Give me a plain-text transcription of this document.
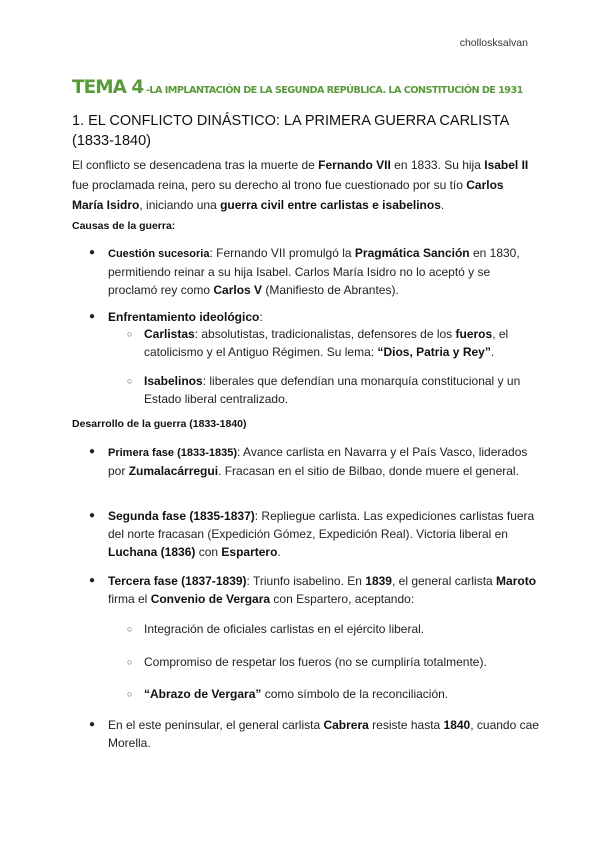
chollosksalvan
TEMA 4 -LA IMPLANTACIÓN DE LA SEGUNDA REPÚBLICA. LA CONSTITUCIÓN DE 1931
1. EL CONFLICTO DINÁSTICO: LA PRIMERA GUERRA CARLISTA (1833-1840)

El conflicto se desencadena tras la muerte de Fernando VII en 1833. Su hija Isabel II fue proclamada reina, pero su derecho al trono fue cuestionado por su tío Carlos María Isidro, iniciando una guerra civil entre carlistas e isabelinos.

Causas de la guerra:

● Cuestión sucesoria: Fernando VII promulgó la Pragmática Sanción en 1830, permitiendo reinar a su hija Isabel. Carlos María Isidro no lo aceptó y se proclamó rey como Carlos V (Manifiesto de Abrantes).
● Enfrentamiento ideológico:
○ Carlistas: absolutistas, tradicionalistas, defensores de los fueros, el catolicismo y el Antiguo Régimen. Su lema: “Dios, Patria y Rey”.
○ Isabelinos: liberales que defendían una monarquía constitucional y un Estado liberal centralizado.

Desarrollo de la guerra (1833-1840)

● Primera fase (1833-1835): Avance carlista en Navarra y el País Vasco, liderados por Zumalacárregui. Fracasan en el sitio de Bilbao, donde muere el general.
● Segunda fase (1835-1837): Repliegue carlista. Las expediciones carlistas fuera del norte fracasan (Expedición Gómez, Expedición Real). Victoria liberal en Luchana (1836) con Espartero.
● Tercera fase (1837-1839): Triunfo isabelino. En 1839, el general carlista Maroto firma el Convenio de Vergara con Espartero, aceptando:
○ Integración de oficiales carlistas en el ejército liberal.
○ Compromiso de respetar los fueros (no se cumpliría totalmente).
○ “Abrazo de Vergara” como símbolo de la reconciliación.
● En el este peninsular, el general carlista Cabrera resiste hasta 1840, cuando cae Morella.
